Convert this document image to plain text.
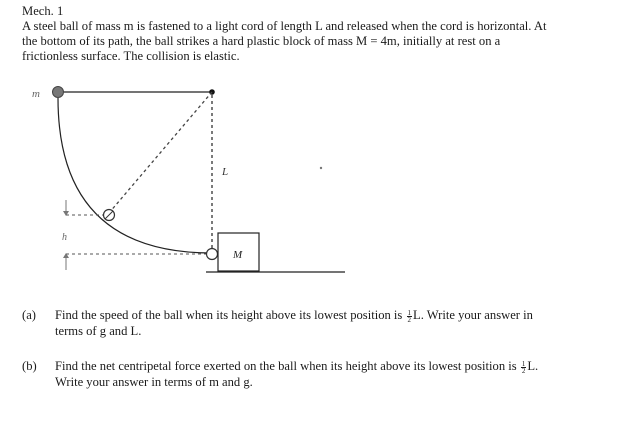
Mech. 1
A steel ball of mass m is fastened to a light cord of length L and released when the cord is horizontal. At
the bottom of its path, the ball strikes a hard plastic block of mass M = 4m, initially at rest on a
frictionless surface. The collision is elastic.
m
L
h
M
(a) Find the speed of the ball when its height above its lowest position is $\frac{1}{2} L$. Write your answer in
terms of g and L.
(b) Find the net centripetal force exerted on the ball when its height above its lowest position is $\frac{1}{2} L$.
Write your answer in terms of m and g.
